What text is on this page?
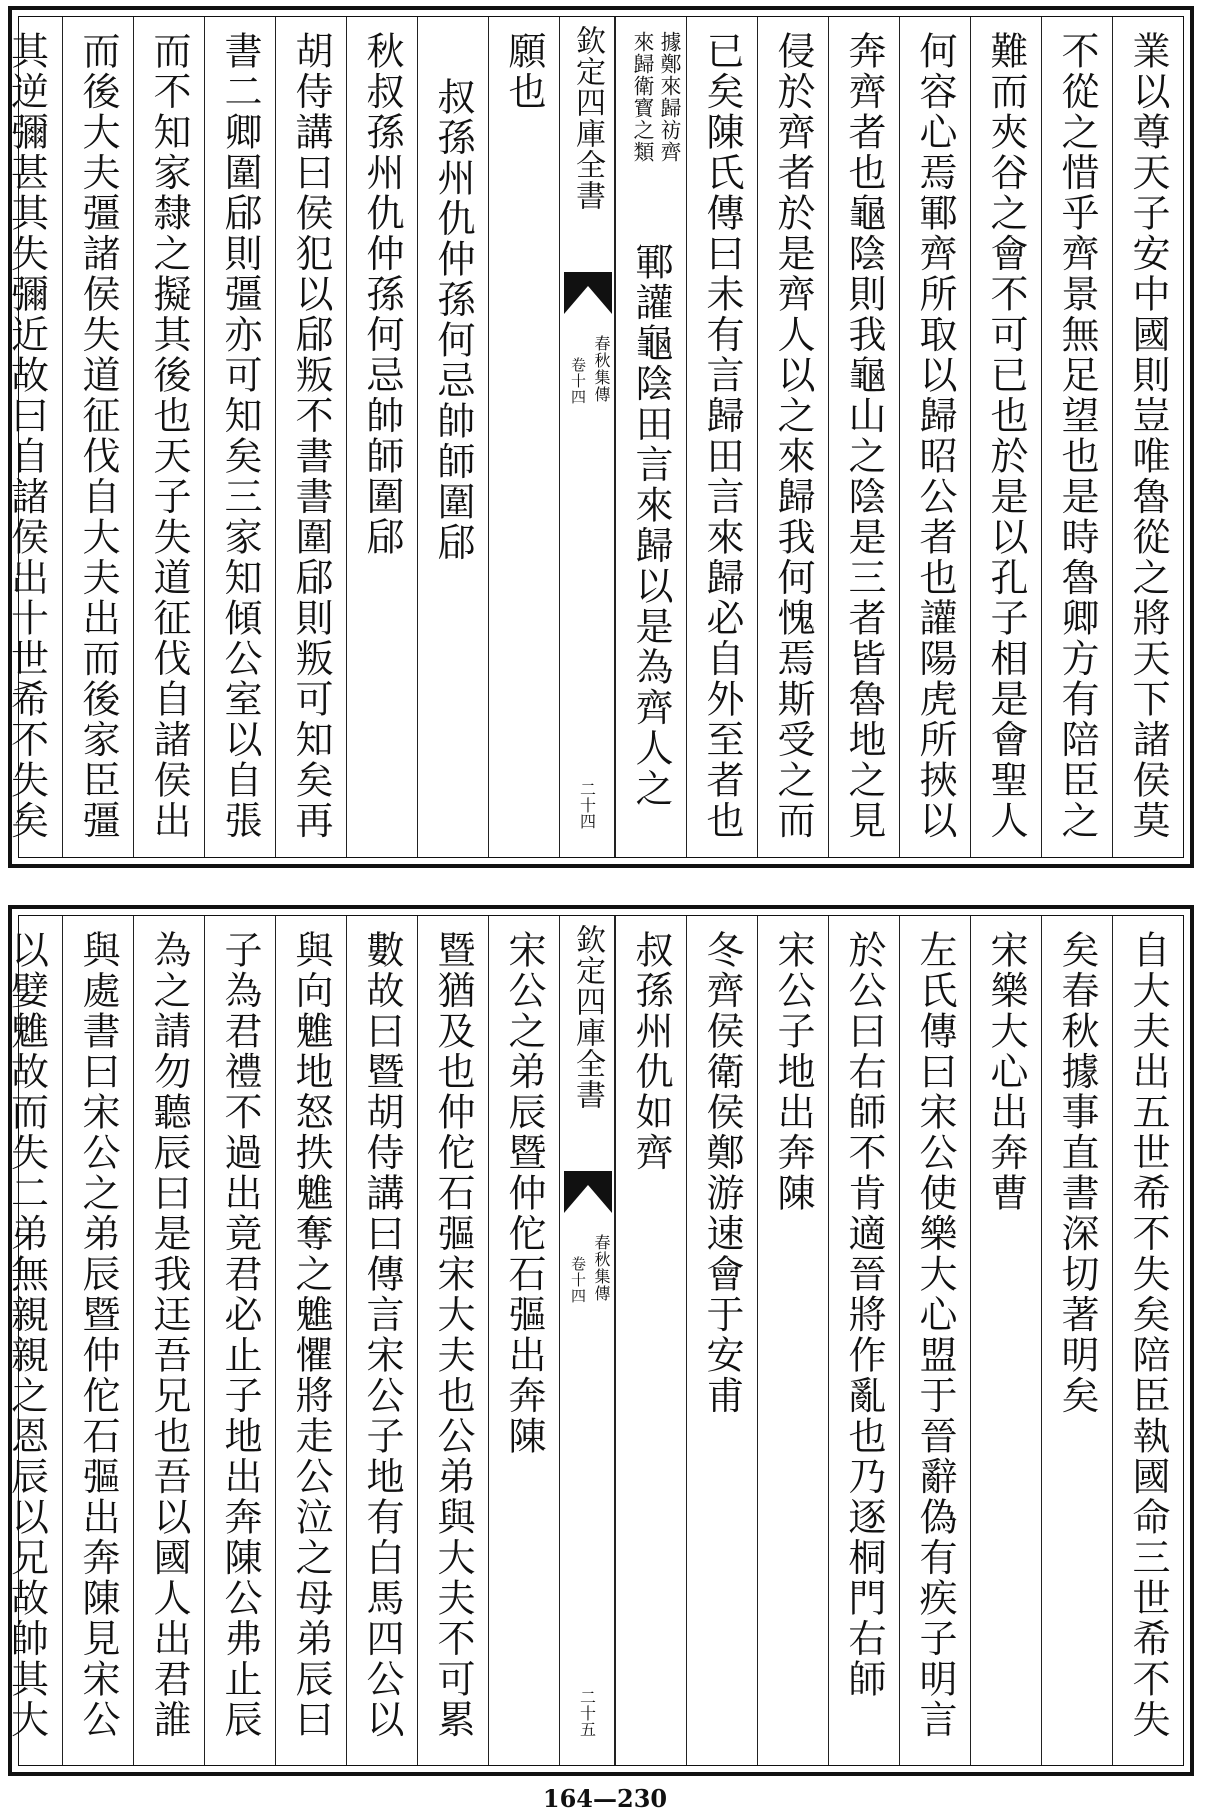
業以尊天子安中國則豈唯魯從之將天下諸侯莫
不從之惜乎齊景無足望也是時魯卿方有陪臣之
難而夾谷之會不可已也於是以孔子相是會聖人
何容心焉鄆齊所取以歸昭公者也讙陽虎所挾以
奔齊者也龜陰則我龜山之陰是三者皆魯地之見
侵於齊者於是齊人以之來歸我何愧焉斯受之而
已矣陳氏傳曰未有言歸田言來歸必自外至者也
據鄭來歸祊齊
來歸衛寳之類
鄆讙龜陰田言來歸以是為齊人之
欽定四庫全書
春秋集傳
卷十四
二十四
願也
叔孫州仇仲孫何忌帥師圍郈
秋叔孫州仇仲孫何忌帥師圍郈
胡侍講曰侯犯以郈叛不書書圍郈則叛可知矣再
書二卿圍郈則彊亦可知矣三家知傾公室以自張
而不知家隸之擬其後也天子失道征伐自諸侯出
而後大夫彊諸侯失道征伐自大夫出而後家臣彊
其逆彌甚其失彌近故曰自諸侯出十世希不失矣
自大夫出五世希不失矣陪臣執國命三世希不失
矣春秋據事直書深切著明矣
宋樂大心出奔曹
左氏傳曰宋公使樂大心盟于晉辭偽有疾子明言
於公曰右師不肯適晉將作亂也乃逐桐門右師
宋公子地出奔陳
冬齊侯衛侯鄭游速會于安甫
叔孫州仇如齊
欽定四庫全書
春秋集傳
卷十四
二十五
宋公之弟辰暨仲佗石彄出奔陳
暨猶及也仲佗石彄宋大夫也公弟與大夫不可累
數故曰暨胡侍講曰傳言宋公子地有白馬四公以
與向魋地怒抶魋奪之魋懼將走公泣之母弟辰曰
子為君禮不過出竟君必止子地出奔陳公弗止辰
為之請勿聽辰曰是我迋吾兄也吾以國人出君誰
與處書曰宋公之弟辰暨仲佗石彄出奔陳見宋公
以嬖魋故而失二弟無親親之恩辰以兄故帥其大
164—230
